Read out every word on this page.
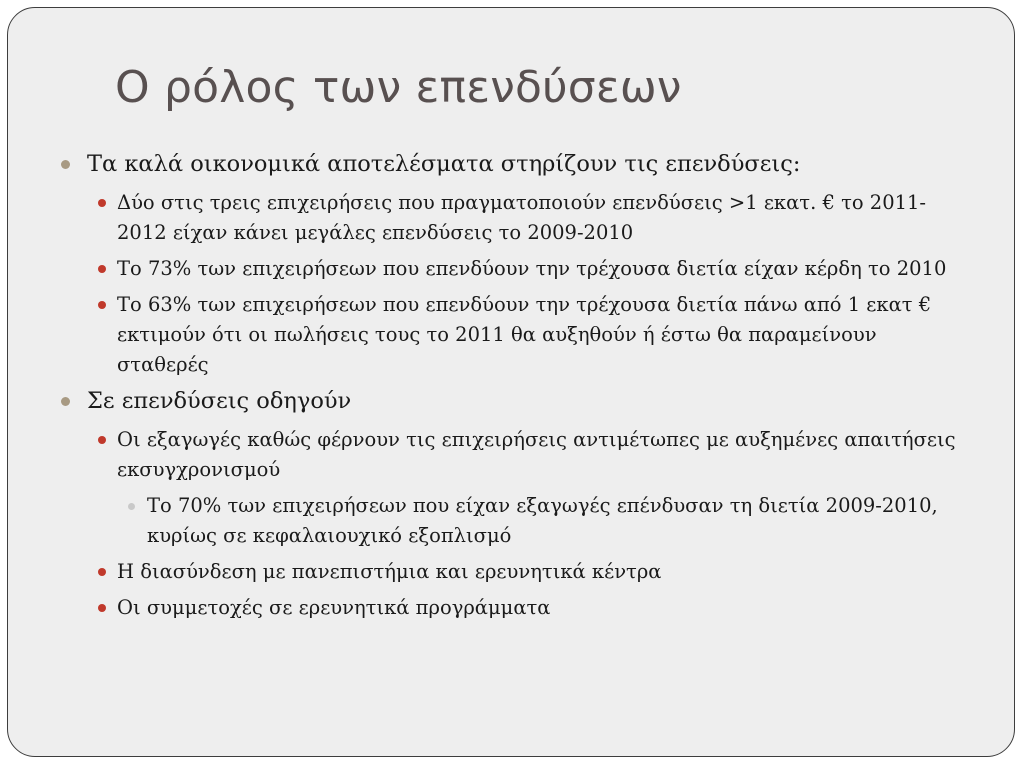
Ο ρόλος των επενδύσεων
Τα καλά οικονομικά αποτελέσματα στηρίζουν τις επενδύσεις:
Δύο στις τρεις επιχειρήσεις που πραγματοποιούν επενδύσεις >1 εκατ. € το 2011-2012 είχαν κάνει μεγάλες επενδύσεις το 2009-2010
Το 73% των επιχειρήσεων που επενδύουν την τρέχουσα διετία είχαν κέρδη το 2010
Το 63% των επιχειρήσεων που επενδύουν την τρέχουσα διετία πάνω από 1 εκατ € εκτιμούν ότι οι πωλήσεις τους το 2011 θα αυξηθούν ή έστω θα παραμείνουν σταθερές
Σε επενδύσεις οδηγούν
Οι εξαγωγές καθώς φέρνουν τις επιχειρήσεις αντιμέτωπες με αυξημένες απαιτήσεις εκσυγχρονισμού
Το 70% των επιχειρήσεων που είχαν εξαγωγές επένδυσαν τη διετία 2009-2010, κυρίως σε κεφαλαιουχικό εξοπλισμό
Η διασύνδεση με πανεπιστήμια και ερευνητικά κέντρα
Οι συμμετοχές σε ερευνητικά προγράμματα
